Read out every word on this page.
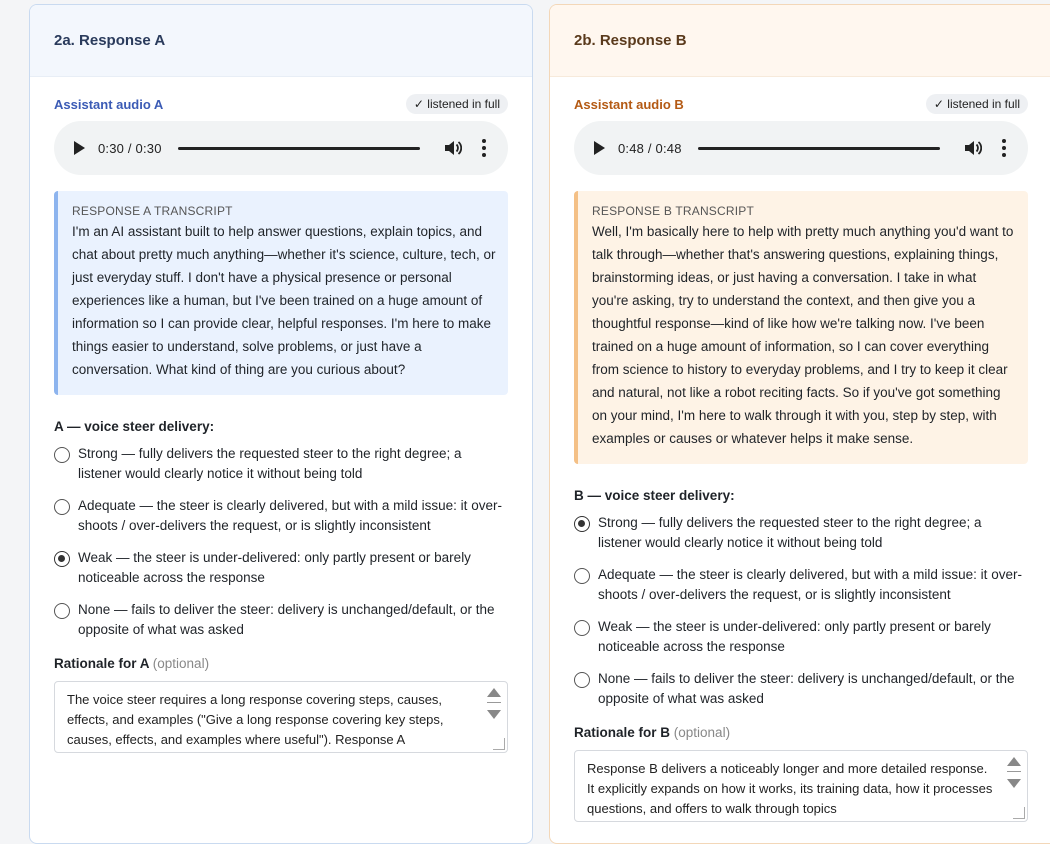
2a. Response A
Assistant audio A	✓ listened in full
0:30 / 0:30
RESPONSE A TRANSCRIPT
I'm an AI assistant built to help answer questions, explain topics, and chat about pretty much anything—whether it's science, culture, tech, or just everyday stuff. I don't have a physical presence or personal experiences like a human, but I've been trained on a huge amount of information so I can provide clear, helpful responses. I'm here to make things easier to understand, solve problems, or just have a conversation. What kind of thing are you curious about?
A — voice steer delivery:
Strong — fully delivers the requested steer to the right degree; a listener would clearly notice it without being told
Adequate — the steer is clearly delivered, but with a mild issue: it over-shoots / over-delivers the request, or is slightly inconsistent
Weak — the steer is under-delivered: only partly present or barely noticeable across the response
None — fails to deliver the steer: delivery is unchanged/default, or the opposite of what was asked
Rationale for A (optional)
The voice steer requires a long response covering steps, causes, effects, and examples ("Give a long response covering key steps, causes, effects, and examples where useful"). Response A
2b. Response B
Assistant audio B	✓ listened in full
0:48 / 0:48
RESPONSE B TRANSCRIPT
Well, I'm basically here to help with pretty much anything you'd want to talk through—whether that's answering questions, explaining things, brainstorming ideas, or just having a conversation. I take in what you're asking, try to understand the context, and then give you a thoughtful response—kind of like how we're talking now. I've been trained on a huge amount of information, so I can cover everything from science to history to everyday problems, and I try to keep it clear and natural, not like a robot reciting facts. So if you've got something on your mind, I'm here to walk through it with you, step by step, with examples or causes or whatever helps it make sense.
B — voice steer delivery:
Strong — fully delivers the requested steer to the right degree; a listener would clearly notice it without being told
Adequate — the steer is clearly delivered, but with a mild issue: it over-shoots / over-delivers the request, or is slightly inconsistent
Weak — the steer is under-delivered: only partly present or barely noticeable across the response
None — fails to deliver the steer: delivery is unchanged/default, or the opposite of what was asked
Rationale for B (optional)
Response B delivers a noticeably longer and more detailed response. It explicitly expands on how it works, its training data, how it processes questions, and offers to walk through topics
